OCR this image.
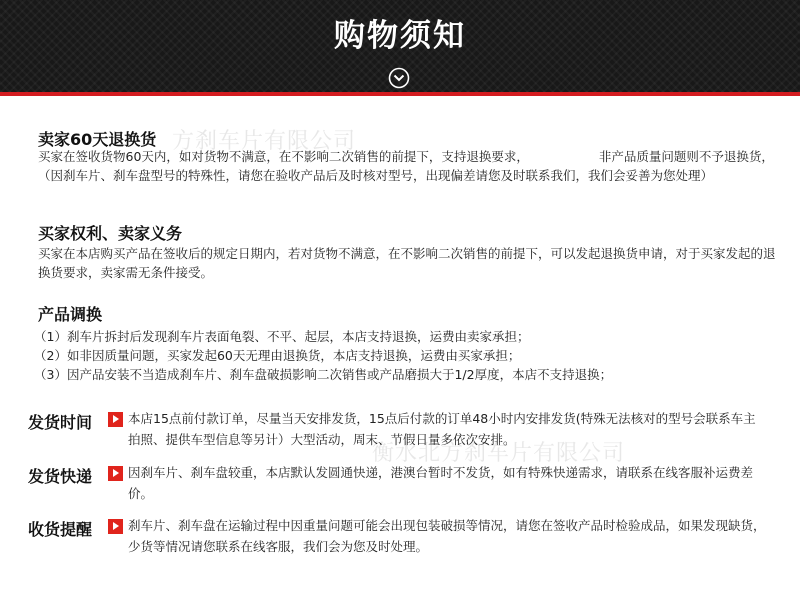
购物须知
方刹车片有限公司
衡水北方刹车片有限公司
卖家60天退换货
买家在签收货物60天内，如对货物不满意，在不影响二次销售的前提下，支持退换要求，	非产品质量问题则不予退换货，（因刹车片、刹车盘型号的特殊性，请您在验收产品后及时核对型号，出现偏差请您及时联系我们，我们会妥善为您处理）
买家权利、卖家义务
买家在本店购买产品在签收后的规定日期内，若对货物不满意，在不影响二次销售的前提下，可以发起退换货申请，对于买家发起的退换货要求，卖家需无条件接受。
产品调换
（1）刹车片拆封后发现刹车片表面龟裂、不平、起层，本店支持退换，运费由卖家承担；
（2）如非因质量问题，买家发起60天无理由退换货，本店支持退换，运费由买家承担；
（3）因产品安装不当造成刹车片、刹车盘破损影响二次销售或产品磨损大于1/2厚度，本店不支持退换；
发货时间	本店15点前付款订单，尽量当天安排发货，15点后付款的订单48小时内安排发货(特殊无法核对的型号会联系车主拍照、提供车型信息等另计）大型活动，周末、节假日量多依次安排。
发货快递	因刹车片、刹车盘较重，本店默认发圆通快递，港澳台暂时不发货，如有特殊快递需求，请联系在线客服补运费差价。
收货提醒	刹车片、刹车盘在运输过程中因重量问题可能会出现包装破损等情况，请您在签收产品时检验成品，如果发现缺货，少货等情况请您联系在线客服，我们会为您及时处理。
